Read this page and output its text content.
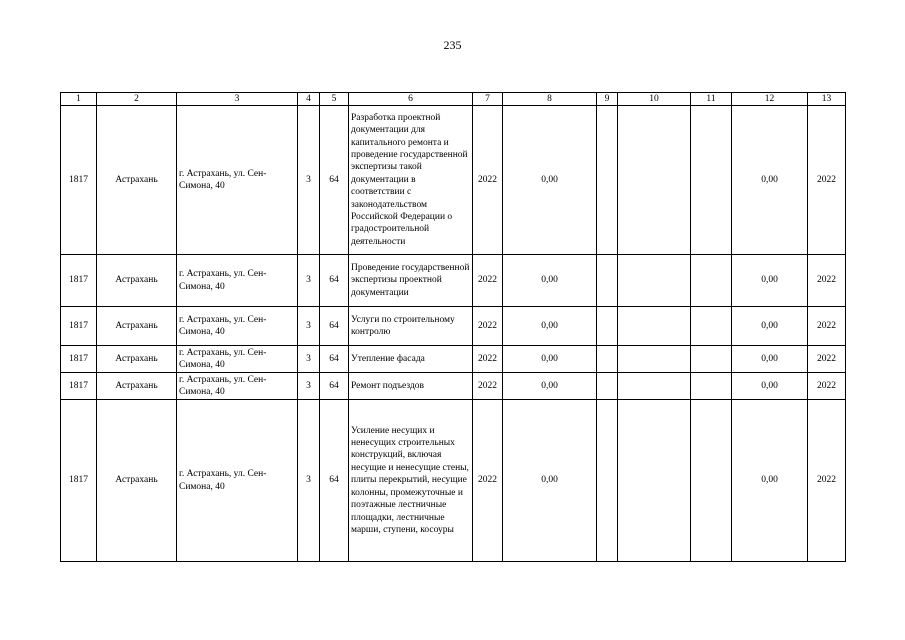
235
1	2	3	4	5	6	7	8	9	10	11	12	13
1817	Астрахань	г. Астрахань, ул. Сен-Симона, 40	3	64	Разработка проектной документации для капитального ремонта и проведение государственной экспертизы такой документации в соответствии с законодательством Российской Федерации о градостроительной деятельности	2022	0,00				0,00	2022
1817	Астрахань	г. Астрахань, ул. Сен-Симона, 40	3	64	Проведение государственной экспертизы проектной документации	2022	0,00				0,00	2022
1817	Астрахань	г. Астрахань, ул. Сен-Симона, 40	3	64	Услуги по строительному контролю	2022	0,00				0,00	2022
1817	Астрахань	г. Астрахань, ул. Сен-Симона, 40	3	64	Утепление фасада	2022	0,00				0,00	2022
1817	Астрахань	г. Астрахань, ул. Сен-Симона, 40	3	64	Ремонт подъездов	2022	0,00				0,00	2022
1817	Астрахань	г. Астрахань, ул. Сен-Симона, 40	3	64	Усиление несущих и ненесущих строительных конструкций, включая несущие и ненесущие стены, плиты перекрытий, несущие колонны, промежуточные и поэтажные лестничные площадки, лестничные марши, ступени, косоуры	2022	0,00				0,00	2022
